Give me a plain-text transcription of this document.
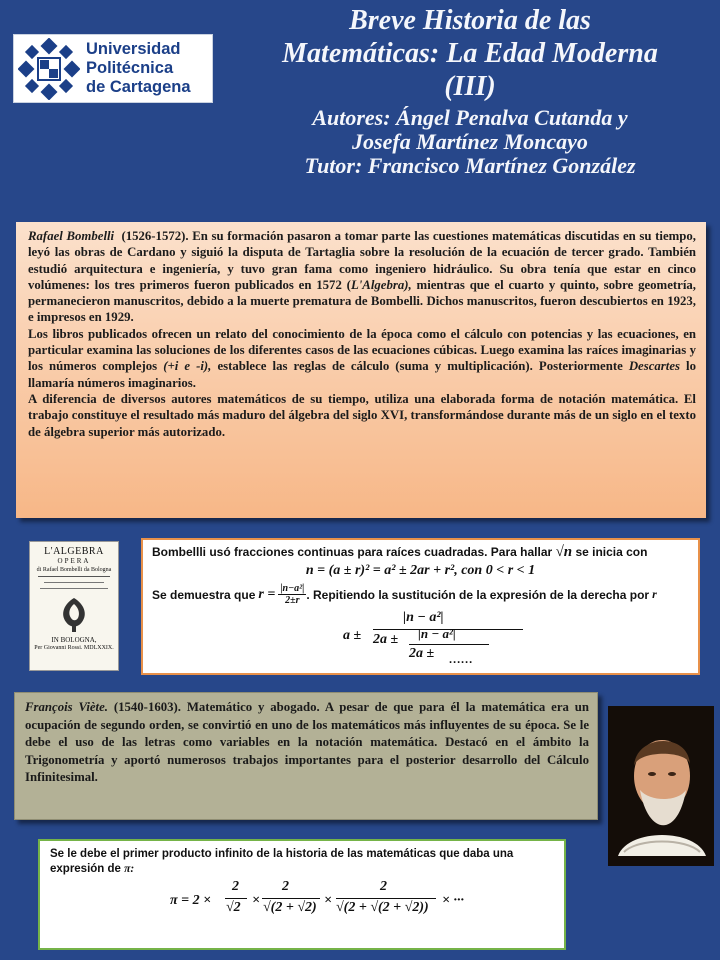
Universidad
Politécnica
de Cartagena
Breve Historia de las
Matemáticas: La Edad Moderna
(III)
Autores: Ángel Penalva Cutanda y
Josefa Martínez Moncayo
Tutor: Francisco Martínez González

Rafael Bombelli (1526-1572). En su formación pasaron a tomar parte las cuestiones matemáticas discutidas en su tiempo, leyó las obras de Cardano y siguió la disputa de Tartaglia sobre la resolución de la ecuación de tercer grado. También estudió arquitectura e ingeniería, y tuvo gran fama como ingeniero hidráulico. Su obra tenía que estar en cinco volúmenes: los tres primeros fueron publicados en 1572 (L'Algebra), mientras que el cuarto y quinto, sobre geometría, permanecieron manuscritos, debido a la muerte prematura de Bombelli. Dichos manuscritos, fueron descubiertos en 1923, e impresos en 1929.

Los libros publicados ofrecen un relato del conocimiento de la época como el cálculo con potencias y las ecuaciones, en particular examina las soluciones de los diferentes casos de las ecuaciones cúbicas. Luego examina las raíces imaginarias y los números complejos (+i e -i), establece las reglas de cálculo (suma y multiplicación). Posteriormente Descartes lo llamaría números imaginarios.

A diferencia de diversos autores matemáticos de su tiempo, utiliza una elaborada forma de notación matemática. El trabajo constituye el resultado más maduro del álgebra del siglo XVI, transformándose durante más de un siglo en el texto de álgebra superior más autorizado.

L'ALGEBRA
OPERA
di Rafael Bombelli da Bologna
IN BOLOGNA,
Per Giovanni Rossi. MDLXXIX.
Bombellli usó fracciones continuas para raíces cuadradas. Para hallar √n se inicia con
n = (a ± r)² = a² ± 2ar + r², con 0 < r < 1
Se demuestra que $r = \frac{\text{|n−a²|}}{2\pm r}$ . Repitiendo la sustitución de la expresión de la derecha por r
a ±
|n − a²|
2a ± |n − a²|
2a ± ……

François Viète. (1540-1603). Matemático y abogado. A pesar de que para él la matemática era un ocupación de segundo orden, se convirtió en uno de los matemáticos más influyentes de su época. Se le debe el uso de las letras como variables en la notación matemática. Destacó en el ámbito la Trigonometría y aportó numerosos trabajos importantes para el posterior desarrollo del Cálculo Infinitesimal.

Se le debe el primer producto infinito de la historia de las matemáticas que daba una expresión de π:
π = 2 ×
2
√2 ×
2
√(2 + √2) ×
2
√(2 + √(2 + √2)) × ···
